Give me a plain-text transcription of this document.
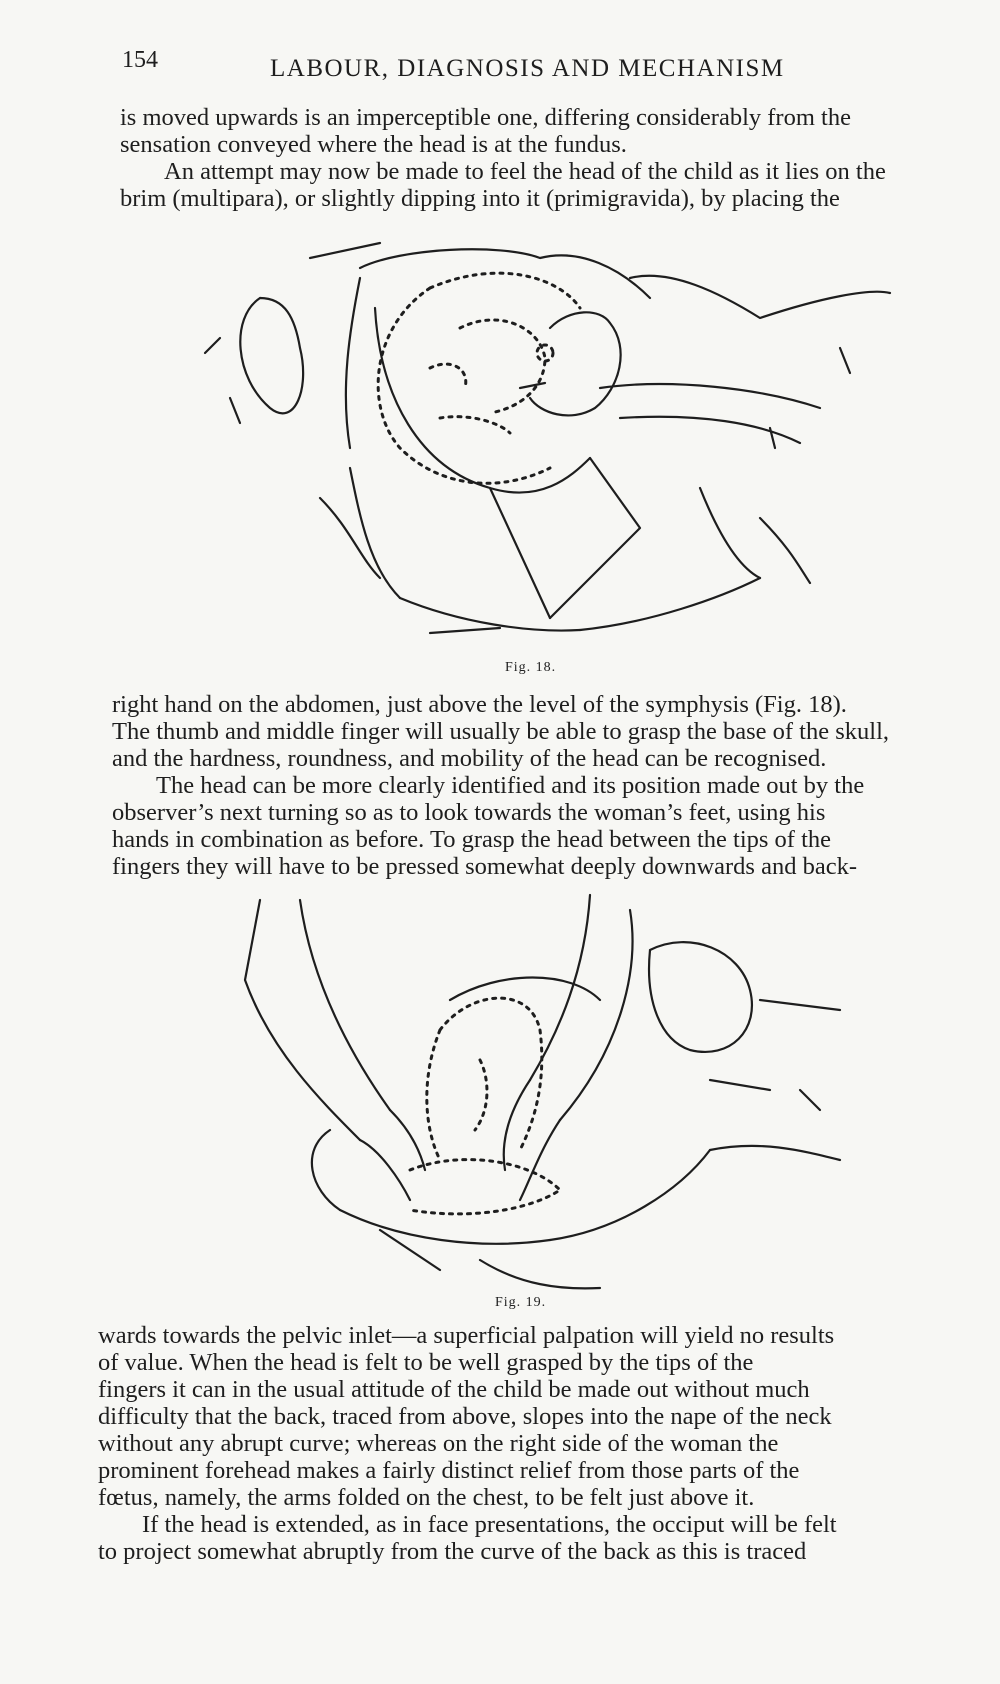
154	LABOUR, DIAGNOSIS AND MECHANISM

is moved upwards is an imperceptible one, differing considerably from the
sensation conveyed where the head is at the fundus.
An attempt may now be made to feel the head of the child as it lies on the
brim (multipara), or slightly dipping into it (primigravida), by placing the

Fig. 18.

right hand on the abdomen, just above the level of the symphysis (Fig. 18).
The thumb and middle finger will usually be able to grasp the base of the skull,
and the hardness, roundness, and mobility of the head can be recognised.
The head can be more clearly identified and its position made out by the
observer’s next turning so as to look towards the woman’s feet, using his
hands in combination as before. To grasp the head between the tips of the
fingers they will have to be pressed somewhat deeply downwards and back-

Fig. 19.

wards towards the pelvic inlet—a superficial palpation will yield no results
of value. When the head is felt to be well grasped by the tips of the
fingers it can in the usual attitude of the child be made out without much
difficulty that the back, traced from above, slopes into the nape of the neck
without any abrupt curve; whereas on the right side of the woman the
prominent forehead makes a fairly distinct relief from those parts of the
fœtus, namely, the arms folded on the chest, to be felt just above it.
If the head is extended, as in face presentations, the occiput will be felt
to project somewhat abruptly from the curve of the back as this is traced
